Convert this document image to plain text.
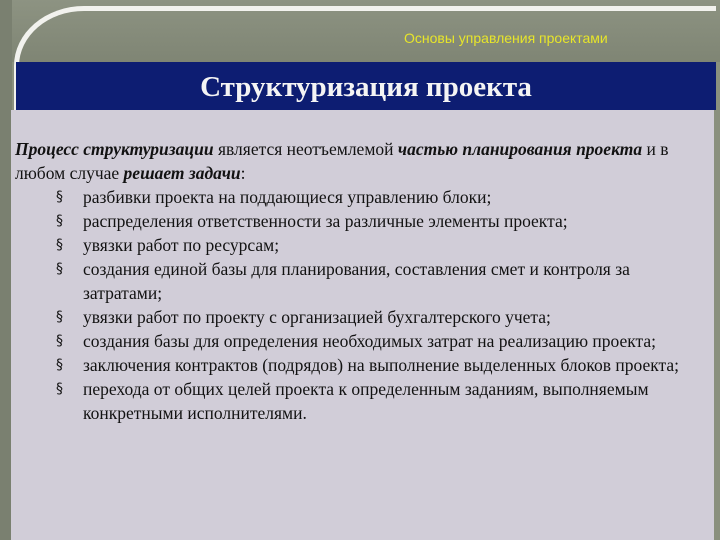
Основы управления проектами
Структуризация проекта

Процесс структуризации является неотъемлемой частью планирования проекта и в любом случае решает задачи:

§ разбивки проекта на поддающиеся управлению блоки;
§ распределения ответственности за различные элементы проекта;
§ увязки работ по ресурсам;
§ создания единой базы для планирования, составления смет и контроля за затратами;
§ увязки работ по проекту с организацией бухгалтерского учета;
§ создания базы для определения необходимых затрат на реализацию проекта;
§ заключения контрактов (подрядов) на выполнение выделенных блоков проекта;
§ перехода от общих целей проекта к определенным заданиям, выполняемым конкретными исполнителями.
